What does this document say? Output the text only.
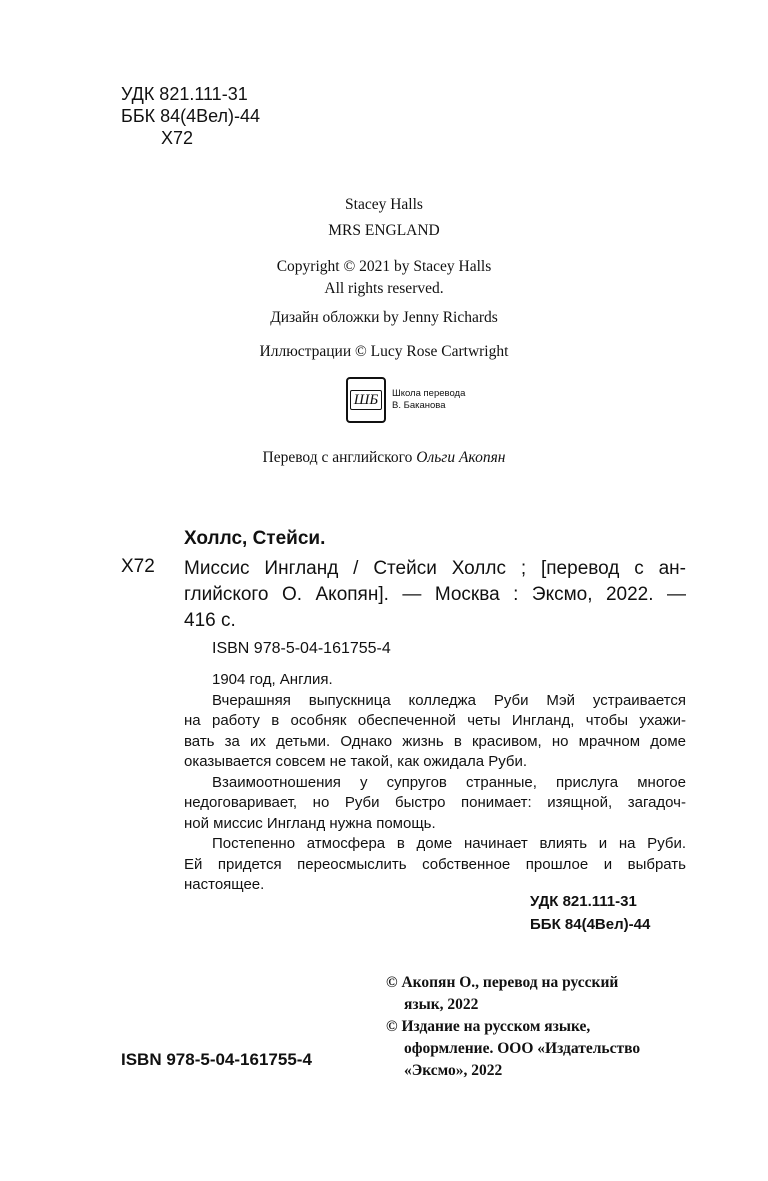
УДК 821.111-31
ББК 84(4Вел)-44
Х72
Stacey Halls
MRS ENGLAND
Copyright © 2021 by Stacey Halls
All rights reserved.
Дизайн обложки by Jenny Richards
Иллюстрации © Lucy Rose Cartwright
ШБ	Школа перевода
В. Баканова
Перевод с английского Ольги Акопян
Холлс, Стейси.
Х72 Миссис Ингланд / Стейси Холлс ; [перевод с ан-
глийского О. Акопян]. — Москва : Эксмо, 2022. —
416 с.
ISBN 978-5-04-161755-4
1904 год, Англия.
Вчерашняя выпускница колледжа Руби Мэй устраивается
на работу в особняк обеспеченной четы Ингланд, чтобы ухажи-
вать за их детьми. Однако жизнь в красивом, но мрачном доме
оказывается совсем не такой, как ожидала Руби.
Взаимоотношения у супругов странные, прислуга многое
недоговаривает, но Руби быстро понимает: изящной, загадоч-
ной миссис Ингланд нужна помощь.
Постепенно атмосфера в доме начинает влиять и на Руби.
Ей придется переосмыслить собственное прошлое и выбрать
настоящее.
УДК 821.111-31
ББК 84(4Вел)-44
© Акопян О., перевод на русский
язык, 2022
© Издание на русском языке,
оформление. ООО «Издательство
«Эксмо», 2022
ISBN 978-5-04-161755-4
